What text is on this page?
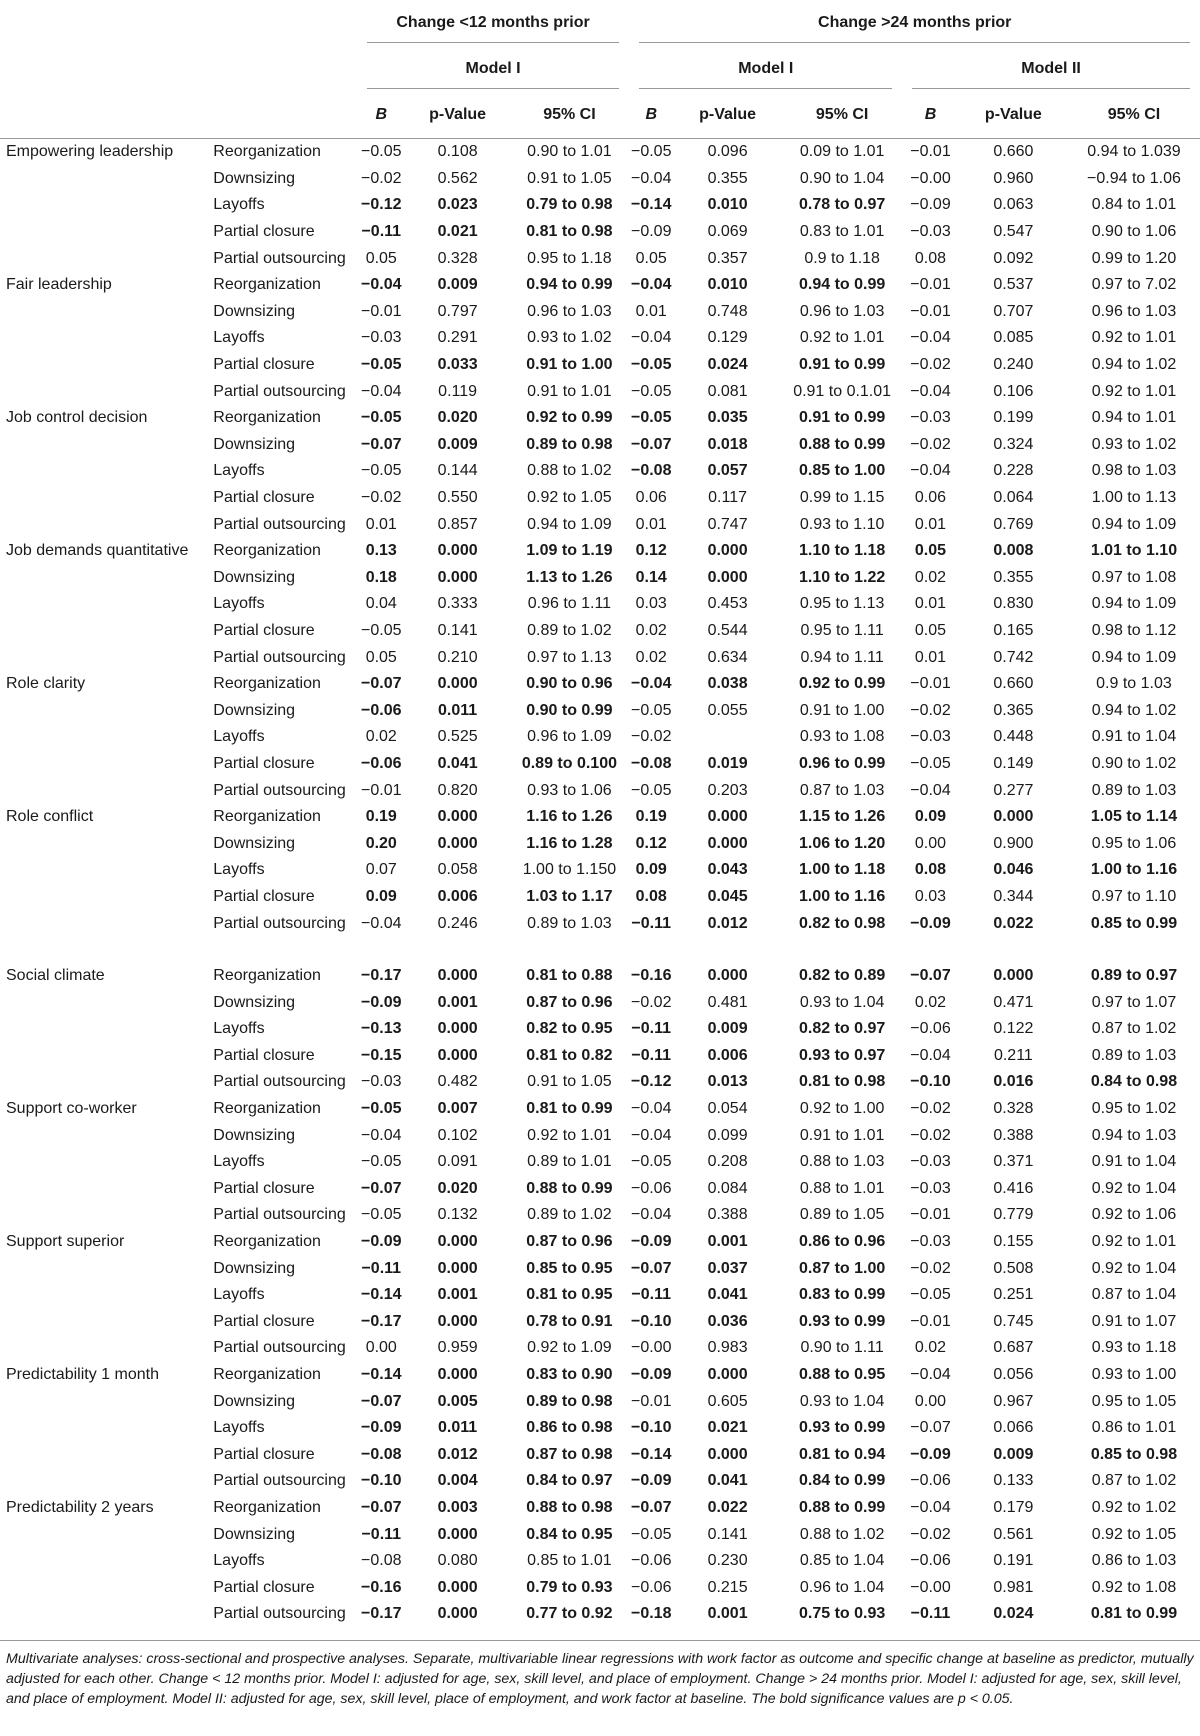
		Change <12 months prior			Change >24 months prior					

		Model I			Model I			Model II		

		B	p-Value	95% CI	B	p-Value	95% CI	B	p-Value	95% CI
Empowering leadership	Reorganization	−0.05	0.108	0.90 to 1.01	−0.05	0.096	0.09 to 1.01	−0.01	0.660	0.94 to 1.039
	Downsizing	−0.02	0.562	0.91 to 1.05	−0.04	0.355	0.90 to 1.04	−0.00	0.960	−0.94 to 1.06
	Layoffs	−0.12	0.023	0.79 to 0.98	−0.14	0.010	0.78 to 0.97	−0.09	0.063	0.84 to 1.01
	Partial closure	−0.11	0.021	0.81 to 0.98	−0.09	0.069	0.83 to 1.01	−0.03	0.547	0.90 to 1.06
	Partial outsourcing	0.05	0.328	0.95 to 1.18	0.05	0.357	0.9 to 1.18	0.08	0.092	0.99 to 1.20
Fair leadership	Reorganization	−0.04	0.009	0.94 to 0.99	−0.04	0.010	0.94 to 0.99	−0.01	0.537	0.97 to 7.02
	Downsizing	−0.01	0.797	0.96 to 1.03	0.01	0.748	0.96 to 1.03	−0.01	0.707	0.96 to 1.03
	Layoffs	−0.03	0.291	0.93 to 1.02	−0.04	0.129	0.92 to 1.01	−0.04	0.085	0.92 to 1.01
	Partial closure	−0.05	0.033	0.91 to 1.00	−0.05	0.024	0.91 to 0.99	−0.02	0.240	0.94 to 1.02
	Partial outsourcing	−0.04	0.119	0.91 to 1.01	−0.05	0.081	0.91 to 0.1.01	−0.04	0.106	0.92 to 1.01
Job control decision	Reorganization	−0.05	0.020	0.92 to 0.99	−0.05	0.035	0.91 to 0.99	−0.03	0.199	0.94 to 1.01
	Downsizing	−0.07	0.009	0.89 to 0.98	−0.07	0.018	0.88 to 0.99	−0.02	0.324	0.93 to 1.02
	Layoffs	−0.05	0.144	0.88 to 1.02	−0.08	0.057	0.85 to 1.00	−0.04	0.228	0.98 to 1.03
	Partial closure	−0.02	0.550	0.92 to 1.05	0.06	0.117	0.99 to 1.15	0.06	0.064	1.00 to 1.13
	Partial outsourcing	0.01	0.857	0.94 to 1.09	0.01	0.747	0.93 to 1.10	0.01	0.769	0.94 to 1.09
Job demands quantitative	Reorganization	0.13	0.000	1.09 to 1.19	0.12	0.000	1.10 to 1.18	0.05	0.008	1.01 to 1.10
	Downsizing	0.18	0.000	1.13 to 1.26	0.14	0.000	1.10 to 1.22	0.02	0.355	0.97 to 1.08
	Layoffs	0.04	0.333	0.96 to 1.11	0.03	0.453	0.95 to 1.13	0.01	0.830	0.94 to 1.09
	Partial closure	−0.05	0.141	0.89 to 1.02	0.02	0.544	0.95 to 1.11	0.05	0.165	0.98 to 1.12
	Partial outsourcing	0.05	0.210	0.97 to 1.13	0.02	0.634	0.94 to 1.11	0.01	0.742	0.94 to 1.09
Role clarity	Reorganization	−0.07	0.000	0.90 to 0.96	−0.04	0.038	0.92 to 0.99	−0.01	0.660	0.9 to 1.03
	Downsizing	−0.06	0.011	0.90 to 0.99	−0.05	0.055	0.91 to 1.00	−0.02	0.365	0.94 to 1.02
	Layoffs	0.02	0.525	0.96 to 1.09	−0.02		0.93 to 1.08	−0.03	0.448	0.91 to 1.04
	Partial closure	−0.06	0.041	0.89 to 0.100	−0.08	0.019	0.96 to 0.99	−0.05	0.149	0.90 to 1.02
	Partial outsourcing	−0.01	0.820	0.93 to 1.06	−0.05	0.203	0.87 to 1.03	−0.04	0.277	0.89 to 1.03
Role conflict	Reorganization	0.19	0.000	1.16 to 1.26	0.19	0.000	1.15 to 1.26	0.09	0.000	1.05 to 1.14
	Downsizing	0.20	0.000	1.16 to 1.28	0.12	0.000	1.06 to 1.20	0.00	0.900	0.95 to 1.06
	Layoffs	0.07	0.058	1.00 to 1.150	0.09	0.043	1.00 to 1.18	0.08	0.046	1.00 to 1.16
	Partial closure	0.09	0.006	1.03 to 1.17	0.08	0.045	1.00 to 1.16	0.03	0.344	0.97 to 1.10
	Partial outsourcing	−0.04	0.246	0.89 to 1.03	−0.11	0.012	0.82 to 0.98	−0.09	0.022	0.85 to 0.99

Social climate	Reorganization	−0.17	0.000	0.81 to 0.88	−0.16	0.000	0.82 to 0.89	−0.07	0.000	0.89 to 0.97
	Downsizing	−0.09	0.001	0.87 to 0.96	−0.02	0.481	0.93 to 1.04	0.02	0.471	0.97 to 1.07
	Layoffs	−0.13	0.000	0.82 to 0.95	−0.11	0.009	0.82 to 0.97	−0.06	0.122	0.87 to 1.02
	Partial closure	−0.15	0.000	0.81 to 0.82	−0.11	0.006	0.93 to 0.97	−0.04	0.211	0.89 to 1.03
	Partial outsourcing	−0.03	0.482	0.91 to 1.05	−0.12	0.013	0.81 to 0.98	−0.10	0.016	0.84 to 0.98
Support co-worker	Reorganization	−0.05	0.007	0.81 to 0.99	−0.04	0.054	0.92 to 1.00	−0.02	0.328	0.95 to 1.02
	Downsizing	−0.04	0.102	0.92 to 1.01	−0.04	0.099	0.91 to 1.01	−0.02	0.388	0.94 to 1.03
	Layoffs	−0.05	0.091	0.89 to 1.01	−0.05	0.208	0.88 to 1.03	−0.03	0.371	0.91 to 1.04
	Partial closure	−0.07	0.020	0.88 to 0.99	−0.06	0.084	0.88 to 1.01	−0.03	0.416	0.92 to 1.04
	Partial outsourcing	−0.05	0.132	0.89 to 1.02	−0.04	0.388	0.89 to 1.05	−0.01	0.779	0.92 to 1.06
Support superior	Reorganization	−0.09	0.000	0.87 to 0.96	−0.09	0.001	0.86 to 0.96	−0.03	0.155	0.92 to 1.01
	Downsizing	−0.11	0.000	0.85 to 0.95	−0.07	0.037	0.87 to 1.00	−0.02	0.508	0.92 to 1.04
	Layoffs	−0.14	0.001	0.81 to 0.95	−0.11	0.041	0.83 to 0.99	−0.05	0.251	0.87 to 1.04
	Partial closure	−0.17	0.000	0.78 to 0.91	−0.10	0.036	0.93 to 0.99	−0.01	0.745	0.91 to 1.07
	Partial outsourcing	0.00	0.959	0.92 to 1.09	−0.00	0.983	0.90 to 1.11	0.02	0.687	0.93 to 1.18
Predictability 1 month	Reorganization	−0.14	0.000	0.83 to 0.90	−0.09	0.000	0.88 to 0.95	−0.04	0.056	0.93 to 1.00
	Downsizing	−0.07	0.005	0.89 to 0.98	−0.01	0.605	0.93 to 1.04	0.00	0.967	0.95 to 1.05
	Layoffs	−0.09	0.011	0.86 to 0.98	−0.10	0.021	0.93 to 0.99	−0.07	0.066	0.86 to 1.01
	Partial closure	−0.08	0.012	0.87 to 0.98	−0.14	0.000	0.81 to 0.94	−0.09	0.009	0.85 to 0.98
	Partial outsourcing	−0.10	0.004	0.84 to 0.97	−0.09	0.041	0.84 to 0.99	−0.06	0.133	0.87 to 1.02
Predictability 2 years	Reorganization	−0.07	0.003	0.88 to 0.98	−0.07	0.022	0.88 to 0.99	−0.04	0.179	0.92 to 1.02
	Downsizing	−0.11	0.000	0.84 to 0.95	−0.05	0.141	0.88 to 1.02	−0.02	0.561	0.92 to 1.05
	Layoffs	−0.08	0.080	0.85 to 1.01	−0.06	0.230	0.85 to 1.04	−0.06	0.191	0.86 to 1.03
	Partial closure	−0.16	0.000	0.79 to 0.93	−0.06	0.215	0.96 to 1.04	−0.00	0.981	0.92 to 1.08
	Partial outsourcing	−0.17	0.000	0.77 to 0.92	−0.18	0.001	0.75 to 0.93	−0.11	0.024	0.81 to 0.99
Multivariate analyses: cross-sectional and prospective analyses. Separate, multivariable linear regressions with work factor as outcome and specific change at baseline as predictor, mutually adjusted for each other. Change < 12 months prior. Model I: adjusted for age, sex, skill level, and place of employment. Change > 24 months prior. Model I: adjusted for age, sex, skill level, and place of employment. Model II: adjusted for age, sex, skill level, place of employment, and work factor at baseline. The bold significance values are p < 0.05.
